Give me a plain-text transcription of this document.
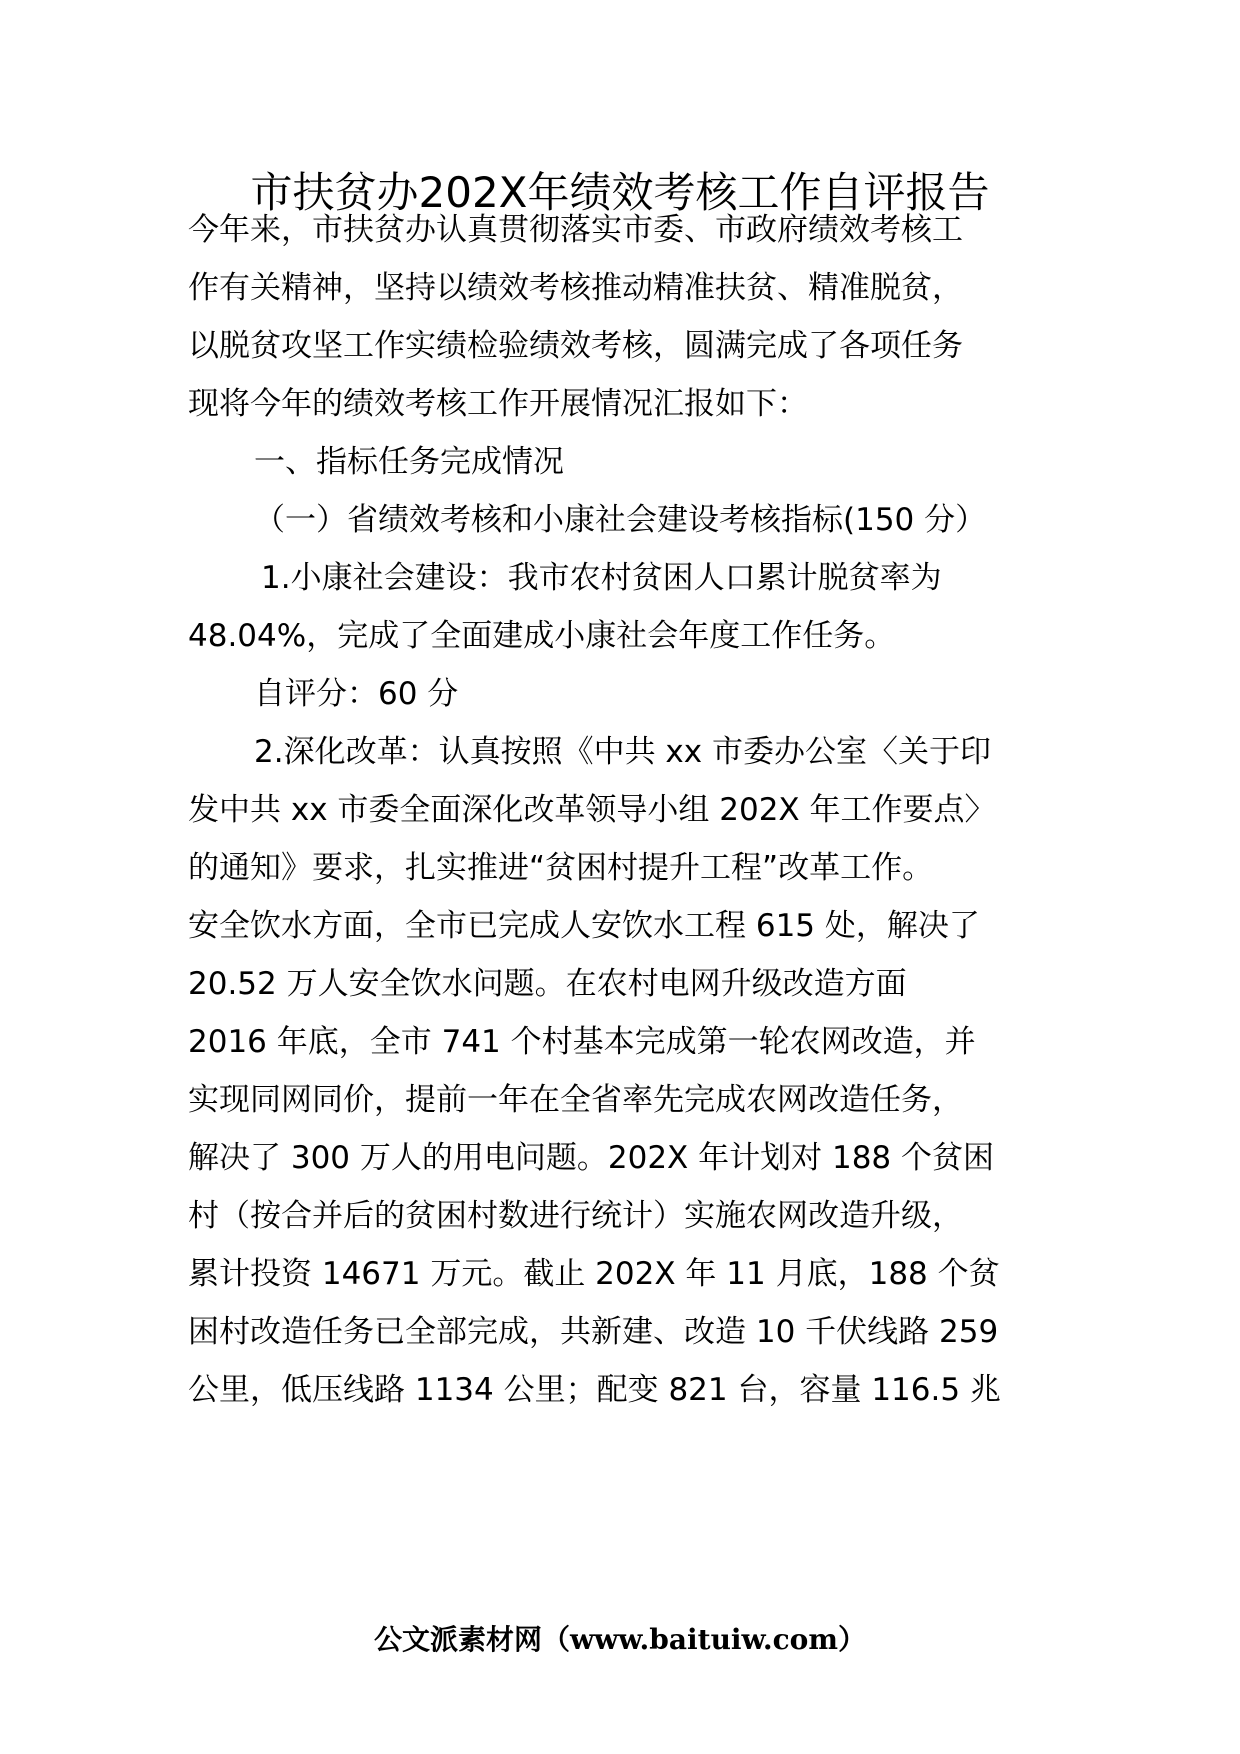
市扶贫办202X年绩效考核工作自评报告
今年来，市扶贫办认真贯彻落实市委、市政府绩效考核工
作有关精神，坚持以绩效考核推动精准扶贫、精准脱贫，
以脱贫攻坚工作实绩检验绩效考核，圆满完成了各项任务
现将今年的绩效考核工作开展情况汇报如下：
一、指标任务完成情况
（一）省绩效考核和小康社会建设考核指标(150 分）
1.小康社会建设：我市农村贫困人口累计脱贫率为
48.04%，完成了全面建成小康社会年度工作任务。
自评分：60 分
2.深化改革：认真按照《中共 xx 市委办公室〈关于印
发中共 xx 市委全面深化改革领导小组 202X 年工作要点〉
的通知》要求，扎实推进“贫困村提升工程”改革工作。
安全饮水方面，全市已完成人安饮水工程 615 处，解决了
20.52 万人安全饮水问题。在农村电网升级改造方面
2016 年底，全市 741 个村基本完成第一轮农网改造，并
实现同网同价，提前一年在全省率先完成农网改造任务，
解决了 300 万人的用电问题。202X 年计划对 188 个贫困
村（按合并后的贫困村数进行统计）实施农网改造升级，
累计投资 14671 万元。截止 202X 年 11 月底，188 个贫
困村改造任务已全部完成，共新建、改造 10 千伏线路 259
公里，低压线路 1134 公里；配变 821 台，容量 116.5 兆
公文派素材网（www.baituiw.com）
